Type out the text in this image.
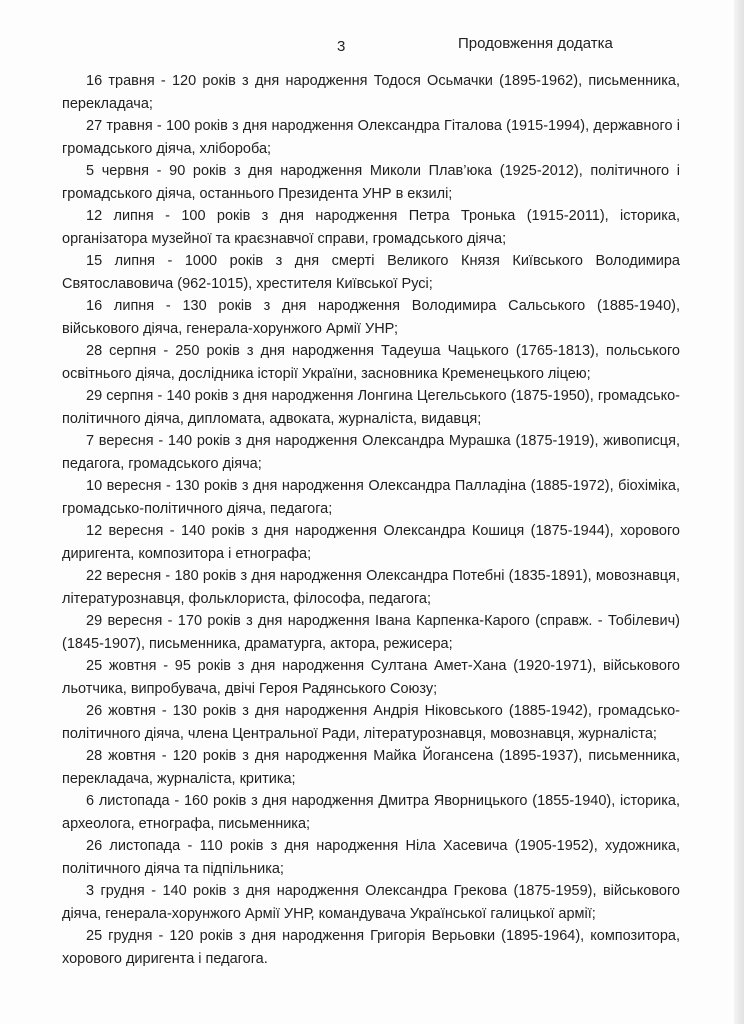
3	Продовження додатка

16 травня - 120 років з дня народження Тодося Осьмачки (1895-1962), письменника, перекладача;

27 травня - 100 років з дня народження Олександра Гіталова (1915-1994), державного і громадського діяча, хлібороба;

5 червня - 90 років з дня народження Миколи Плав’юка (1925-2012), політичного і громадського діяча, останнього Президента УНР в екзилі;

12 липня - 100 років з дня народження Петра Тронька (1915-2011), історика, організатора музейної та краєзнавчої справи, громадського діяча;

15 липня - 1000 років з дня смерті Великого Князя Київського Володимира Святославовича (962-1015), хрестителя Київської Русі;

16 липня - 130 років з дня народження Володимира Сальського (1885-1940), військового діяча, генерала-хорунжого Армії УНР;

28 серпня - 250 років з дня народження Тадеуша Чацького (1765-1813), польського освітнього діяча, дослідника історії України, засновника Кременецького ліцею;

29 серпня - 140 років з дня народження Лонгина Цегельського (1875-1950), громадсько-політичного діяча, дипломата, адвоката, журналіста, видавця;

7 вересня - 140 років з дня народження Олександра Мурашка (1875-1919), живописця, педагога, громадського діяча;

10 вересня - 130 років з дня народження Олександра Палладіна (1885-1972), біохіміка, громадсько-політичного діяча, педагога;

12 вересня - 140 років з дня народження Олександра Кошиця (1875-1944), хорового диригента, композитора і етнографа;

22 вересня - 180 років з дня народження Олександра Потебні (1835-1891), мовознавця, літературознавця, фольклориста, філософа, педагога;

29 вересня - 170 років з дня народження Івана Карпенка-Карого (справж. - Тобілевич) (1845-1907), письменника, драматурга, актора, режисера;

25 жовтня - 95 років з дня народження Султана Амет-Хана (1920-1971), військового льотчика, випробувача, двічі Героя Радянського Союзу;

26 жовтня - 130 років з дня народження Андрія Ніковського (1885-1942), громадсько-політичного діяча, члена Центральної Ради, літературознавця, мовознавця, журналіста;

28 жовтня - 120 років з дня народження Майка Йогансена (1895-1937), письменника, перекладача, журналіста, критика;

6 листопада - 160 років з дня народження Дмитра Яворницького (1855-1940), історика, археолога, етнографа, письменника;

26 листопада - 110 років з дня народження Ніла Хасевича (1905-1952), художника, політичного діяча та підпільника;

3 грудня - 140 років з дня народження Олександра Грековa (1875-1959), військового діяча, генерала-хорунжого Армії УНР, командувача Української галицької армії;

25 грудня - 120 років з дня народження Григорія Верьовки (1895-1964), композитора, хорового диригента і педагога.
